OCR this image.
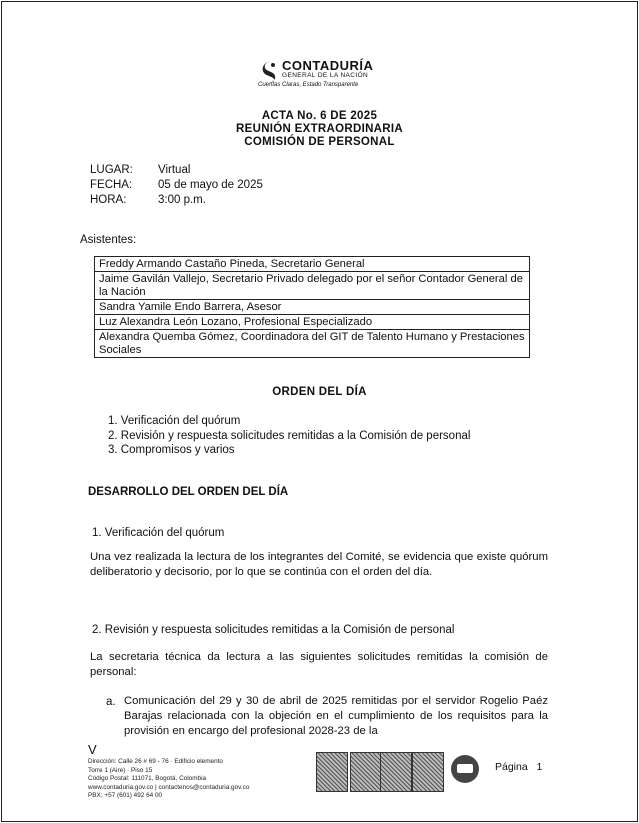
CONTADURÍA
GENERAL DE LA NACIÓN
Cuentas Claras, Estado Transparente
ACTA No. 6 DE 2025
REUNIÓN EXTRAORDINARIA
COMISIÓN DE PERSONAL
LUGAR: Virtual
FECHA: 05 de mayo de 2025
HORA:	3:00 p.m.
Asistentes:
Freddy Armando Castaño Pineda, Secretario General
Jaime Gavilán Vallejo, Secretario Privado delegado por el señor Contador General de la Nación
Sandra Yamile Endo Barrera, Asesor
Luz Alexandra León Lozano, Profesional Especializado
Alexandra Quemba Gómez, Coordinadora del GIT de Talento Humano y Prestaciones Sociales
ORDEN DEL DÍA
1. Verificación del quórum
2. Revisión y respuesta solicitudes remitidas a la Comisión de personal
3. Compromisos y varios
DESARROLLO DEL ORDEN DEL DÍA
1. Verificación del quórum
Una vez realizada la lectura de los integrantes del Comité, se evidencia que existe quórum deliberatorio y decisorio, por lo que se continúa con el orden del día.
2. Revisión y respuesta solicitudes remitidas a la Comisión de personal
La secretaria técnica da lectura a las siguientes solicitudes remitidas la comisión de personal:
a. Comunicación del 29 y 30 de abril de 2025 remitidas por el servidor Rogelio Paéz Barajas relacionada con la objeción en el cumplimiento de los requisitos para la provisión en encargo del profesional 2028-23 de la
V
Dirección: Calle 26 # 69 - 76 · Edificio elemento
Torre 1 (Aire) · Piso 15
Código Postal: 111071, Bogotá, Colombia
www.contaduria.gov.co | contactenos@contaduria.gov.co
PBX: +57 (601) 492 64 00
Página 1
